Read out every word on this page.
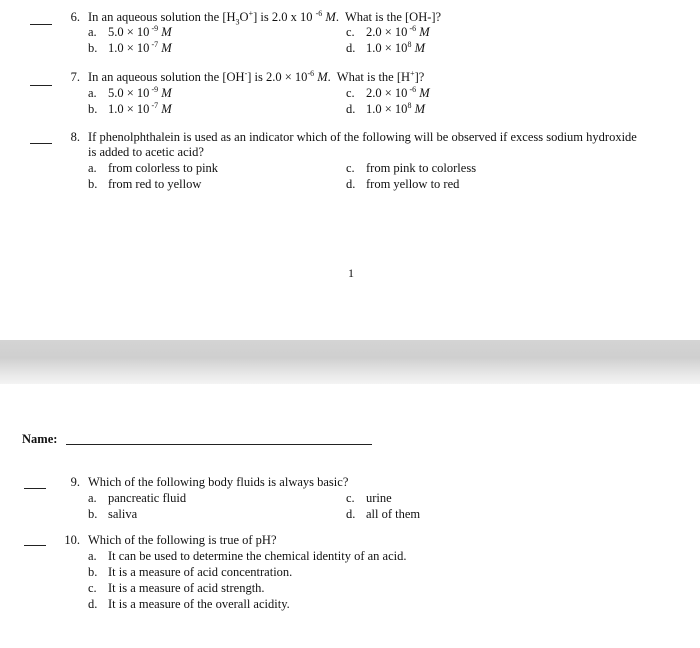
6. In an aqueous solution the $[H_3O^+]$ is 2.0 x 10 $^{-6}$ M.  What is the [OH-]?
a. 5.0 × 10 $^{-9}$ M
b. 1.0 × 10 $^{-7}$ M
c. 2.0 × 10 $^{-6}$ M
d. $1.0 \times 10^8$ M
7. In an aqueous solution the [OH-] is $2.0 \times 10^{-6}$ M.  What is the [H+]?
a. 5.0 × 10 $^{-9}$ M
b. 1.0 × 10 $^{-7}$ M
c. 2.0 × 10 $^{-6}$ M
d. $1.0 \times 10^8$ M
8. If phenolphthalein is used as an indicator which of the following will be observed if excess sodium hydroxide
is added to acetic acid?
a. from colorless to pink
b. from red to yellow
c. from pink to colorless
d. from yellow to red
1
Name:
9. Which of the following body fluids is always basic?
a. pancreatic fluid
b. saliva
c. urine
d. all of them
10. Which of the following is true of pH?
a. It can be used to determine the chemical identity of an acid.
b. It is a measure of acid concentration.
c. It is a measure of acid strength.
d. It is a measure of the overall acidity.
